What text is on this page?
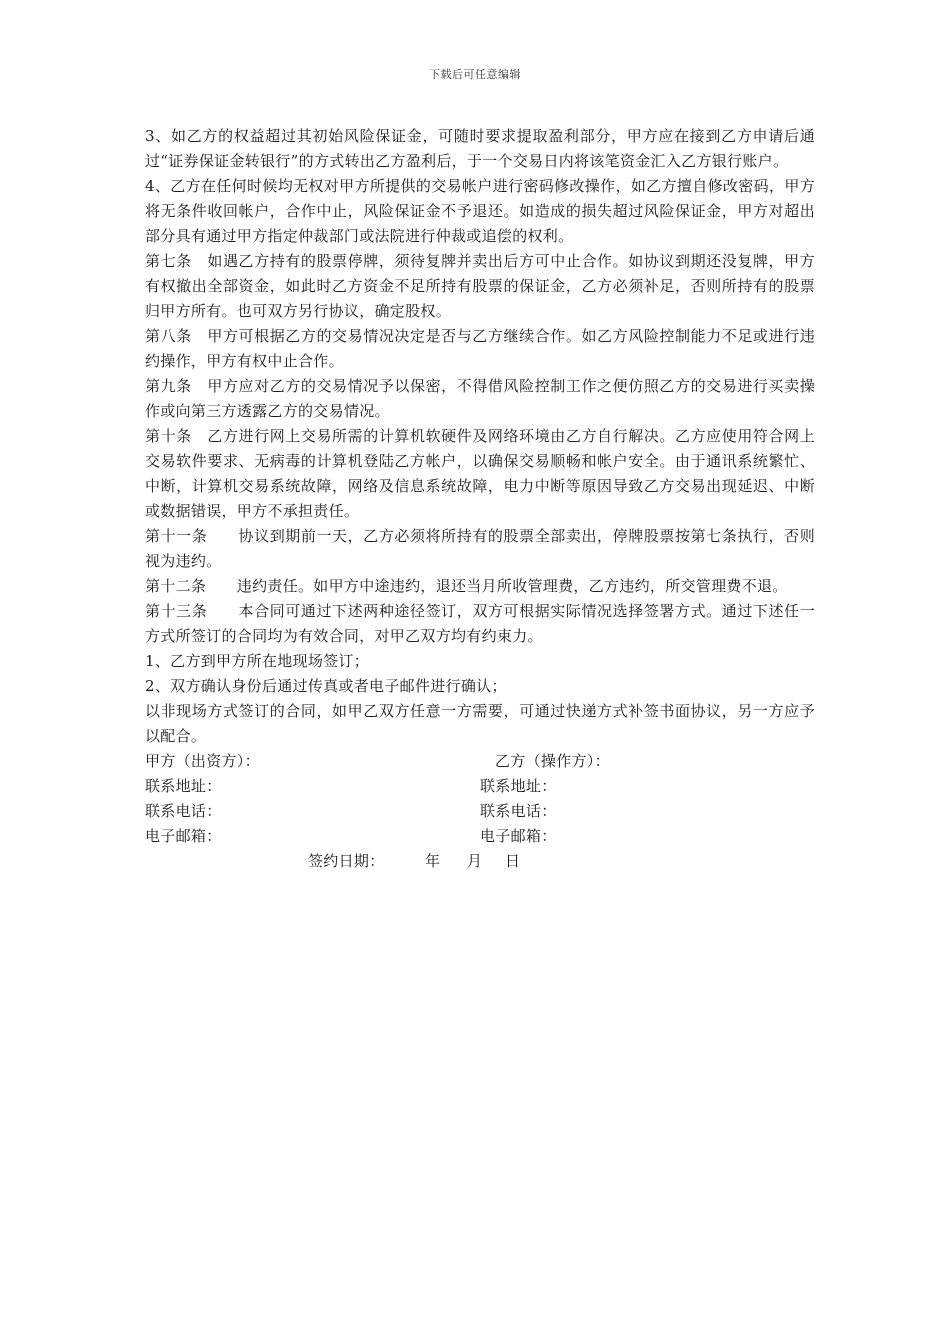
下载后可任意编辑

3、如乙方的权益超过其初始风险保证金，可随时要求提取盈利部分，甲方应在接到乙方申请后通过“证券保证金转银行”的方式转出乙方盈利后，于一个交易日内将该笔资金汇入乙方银行账户。

4、乙方在任何时候均无权对甲方所提供的交易帐户进行密码修改操作，如乙方擅自修改密码，甲方将无条件收回帐户，合作中止，风险保证金不予退还。如造成的损失超过风险保证金，甲方对超出部分具有通过甲方指定仲裁部门或法院进行仲裁或追偿的权利。

第七条　如遇乙方持有的股票停牌，须待复牌并卖出后方可中止合作。如协议到期还没复牌，甲方有权撤出全部资金，如此时乙方资金不足所持有股票的保证金，乙方必须补足，否则所持有的股票归甲方所有。也可双方另行协议，确定股权。

第八条　甲方可根据乙方的交易情况决定是否与乙方继续合作。如乙方风险控制能力不足或进行违约操作，甲方有权中止合作。

第九条　甲方应对乙方的交易情况予以保密，不得借风险控制工作之便仿照乙方的交易进行买卖操作或向第三方透露乙方的交易情况。

第十条　乙方进行网上交易所需的计算机软硬件及网络环境由乙方自行解决。乙方应使用符合网上交易软件要求、无病毒的计算机登陆乙方帐户，以确保交易顺畅和帐户安全。由于通讯系统繁忙、中断，计算机交易系统故障，网络及信息系统故障，电力中断等原因导致乙方交易出现延迟、中断或数据错误，甲方不承担责任。

第十一条　　协议到期前一天，乙方必须将所持有的股票全部卖出，停牌股票按第七条执行，否则视为违约。

第十二条　　违约责任。如甲方中途违约，退还当月所收管理费，乙方违约，所交管理费不退。

第十三条　　本合同可通过下述两种途径签订，双方可根据实际情况选择签署方式。通过下述任一方式所签订的合同均为有效合同，对甲乙双方均有约束力。

1、乙方到甲方所在地现场签订；

2、双方确认身份后通过传真或者电子邮件进行确认；

以非现场方式签订的合同，如甲乙双方任意一方需要，可通过快递方式补签书面协议，另一方应予以配合。

甲方（出资方）：	乙方（操作方）：
联系地址：	联系地址：
联系电话：	联系电话：
电子邮箱：	电子邮箱：
签约日期：	年 月 日
